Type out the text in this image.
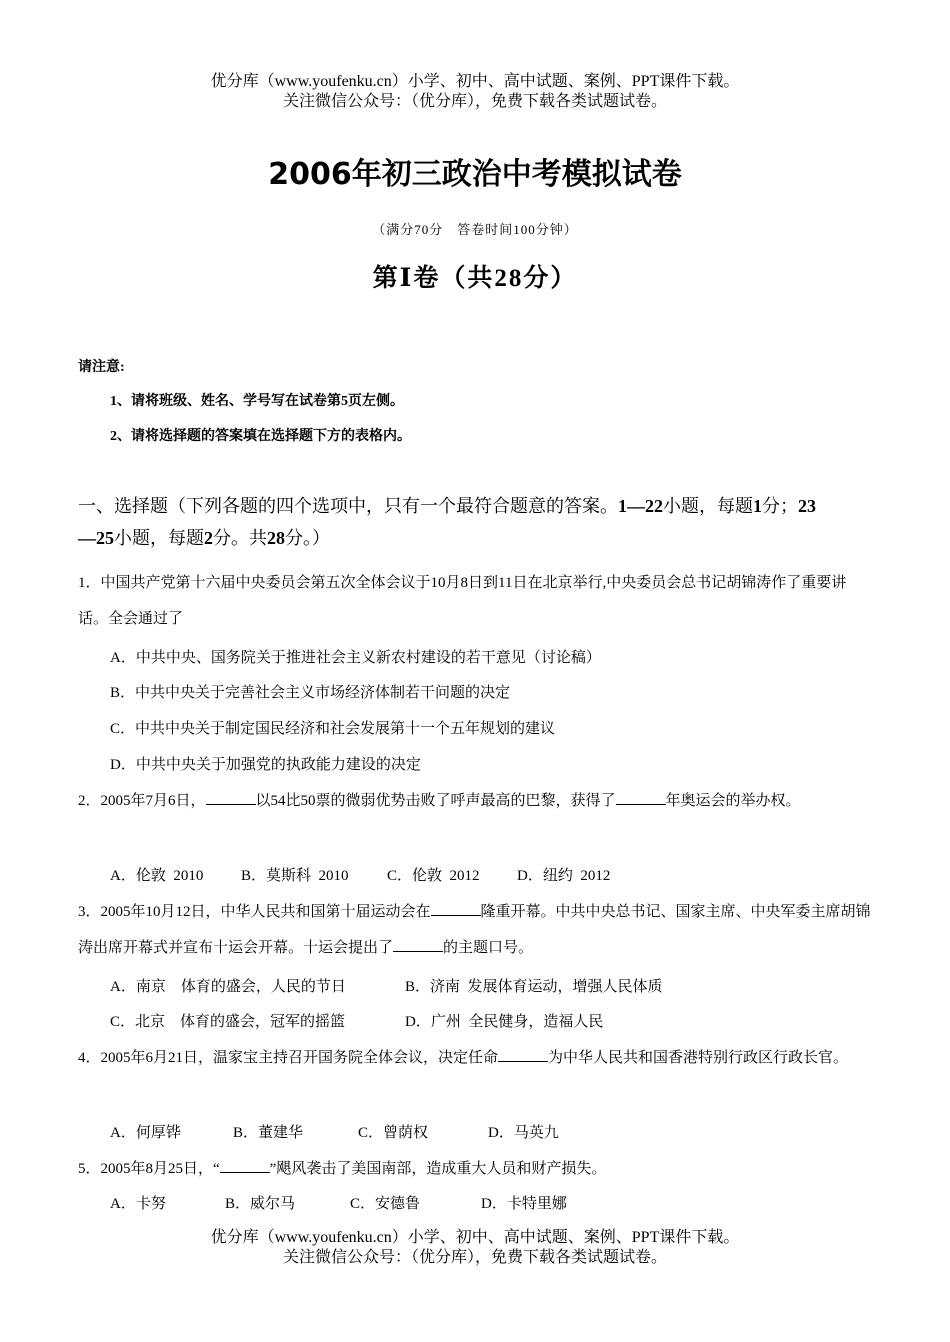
优分库（www.youfenku.cn）小学、初中、高中试题、案例、PPT课件下载。
关注微信公众号：（优分库），免费下载各类试题试卷。
2006年初三政治中考模拟试卷
（满分70分　答卷时间100分钟）
第Ⅰ卷（共28分）
请注意:
1、请将班级、姓名、学号写在试卷第5页左侧。
2、请将选择题的答案填在选择题下方的表格内。
一、选择题（下列各题的四个选项中，只有一个最符合题意的答案。1—22小题，每题1分；23
—25小题，每题2分。共28分。）
1．中国共产党第十六届中央委员会第五次全体会议于10月8日到11日在北京举行,中央委员会总书记胡锦涛作了重要讲话。全会通过了
A．中共中央、国务院关于推进社会主义新农村建设的若干意见（讨论稿）
B．中共中央关于完善社会主义市场经济体制若干问题的决定
C．中共中央关于制定国民经济和社会发展第十一个五年规划的建议
D．中共中央关于加强党的执政能力建设的决定
2．2005年7月6日，	以54比50票的微弱优势击败了呼声最高的巴黎，获得了	年奥运会的举办权。
A．伦敦  2010	B．莫斯科  2010	C．伦敦  2012 D．纽约  2012
3．2005年10月12日，中华人民共和国第十届运动会在	隆重开幕。中共中央总书记、国家主席、中央军委主席胡锦涛出席开幕式并宣布十运会开幕。十运会提出了	的主题口号。
A．南京　体育的盛会，人民的节日	B．济南  发展体育运动，增强人民体质
C．北京　体育的盛会，冠军的摇篮	D．广州  全民健身，造福人民
4．2005年6月21日，温家宝主持召开国务院全体会议，决定任命	为中华人民共和国香港特别行政区行政长官。
A．何厚铧	B．董建华	C．曾荫权	D．马英九
5．2005年8月25日，“	”飓风袭击了美国南部，造成重大人员和财产损失。
A．卡努	B．威尔马	C．安德鲁	D．卡特里娜
优分库（www.youfenku.cn）小学、初中、高中试题、案例、PPT课件下载。
关注微信公众号：（优分库），免费下载各类试题试卷。
